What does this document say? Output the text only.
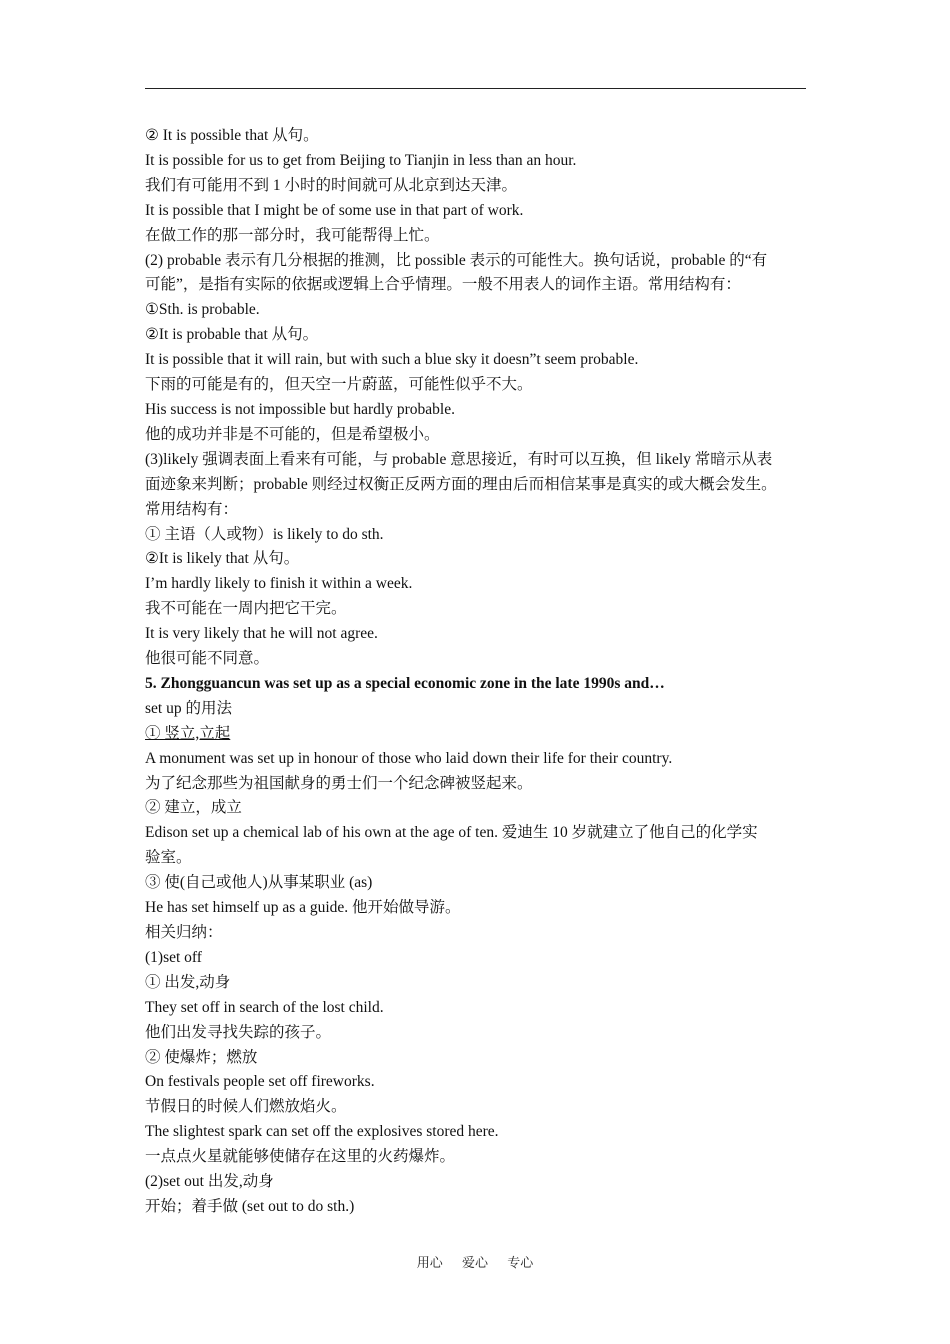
② It is possible that 从句。
It is possible for us to get from Beijing to Tianjin in less than an hour.
我们有可能用不到 1 小时的时间就可从北京到达天津。
It is possible that I might be of some use in that part of work.
在做工作的那一部分时，我可能帮得上忙。
(2) probable 表示有几分根据的推测，比 possible 表示的可能性大。换句话说，probable 的“有
可能”，是指有实际的依据或逻辑上合乎情理。一般不用表人的词作主语。常用结构有：
①Sth. is probable.
②It is probable that 从句。
It is possible that it will rain, but with such a blue sky it doesn”t seem probable.
下雨的可能是有的，但天空一片蔚蓝，可能性似乎不大。
His success is not impossible but hardly probable.
他的成功并非是不可能的，但是希望极小。
(3)likely 强调表面上看来有可能，与 probable 意思接近，有时可以互换，但 likely 常暗示从表
面迹象来判断；probable 则经过权衡正反两方面的理由后而相信某事是真实的或大概会发生。
常用结构有：
① 主语（人或物）is likely to do sth.
②It is likely that 从句。
I’m hardly likely to finish it within a week.
我不可能在一周内把它干完。
It is very likely that he will not agree.
他很可能不同意。
5. Zhongguancun was set up as a special economic zone in the late 1990s and…
set up 的用法
① 竖立,立起
A monument was set up in honour of those who laid down their life for their country.
为了纪念那些为祖国献身的勇士们一个纪念碑被竖起来。
② 建立，成立
Edison set up a chemical lab of his own at the age of ten. 爱迪生 10 岁就建立了他自己的化学实
验室。
③ 使(自己或他人)从事某职业 (as)
He has set himself up as a guide. 他开始做导游。
相关归纳：
(1)set off
① 出发,动身
They set off in search of the lost child.
他们出发寻找失踪的孩子。
② 使爆炸；燃放
On festivals people set off fireworks.
节假日的时候人们燃放焰火。
The slightest spark can set off the explosives stored here.
一点点火星就能够使储存在这里的火药爆炸。
(2)set out 出发,动身
开始；着手做 (set out to do sth.)
用心 爱心 专心
